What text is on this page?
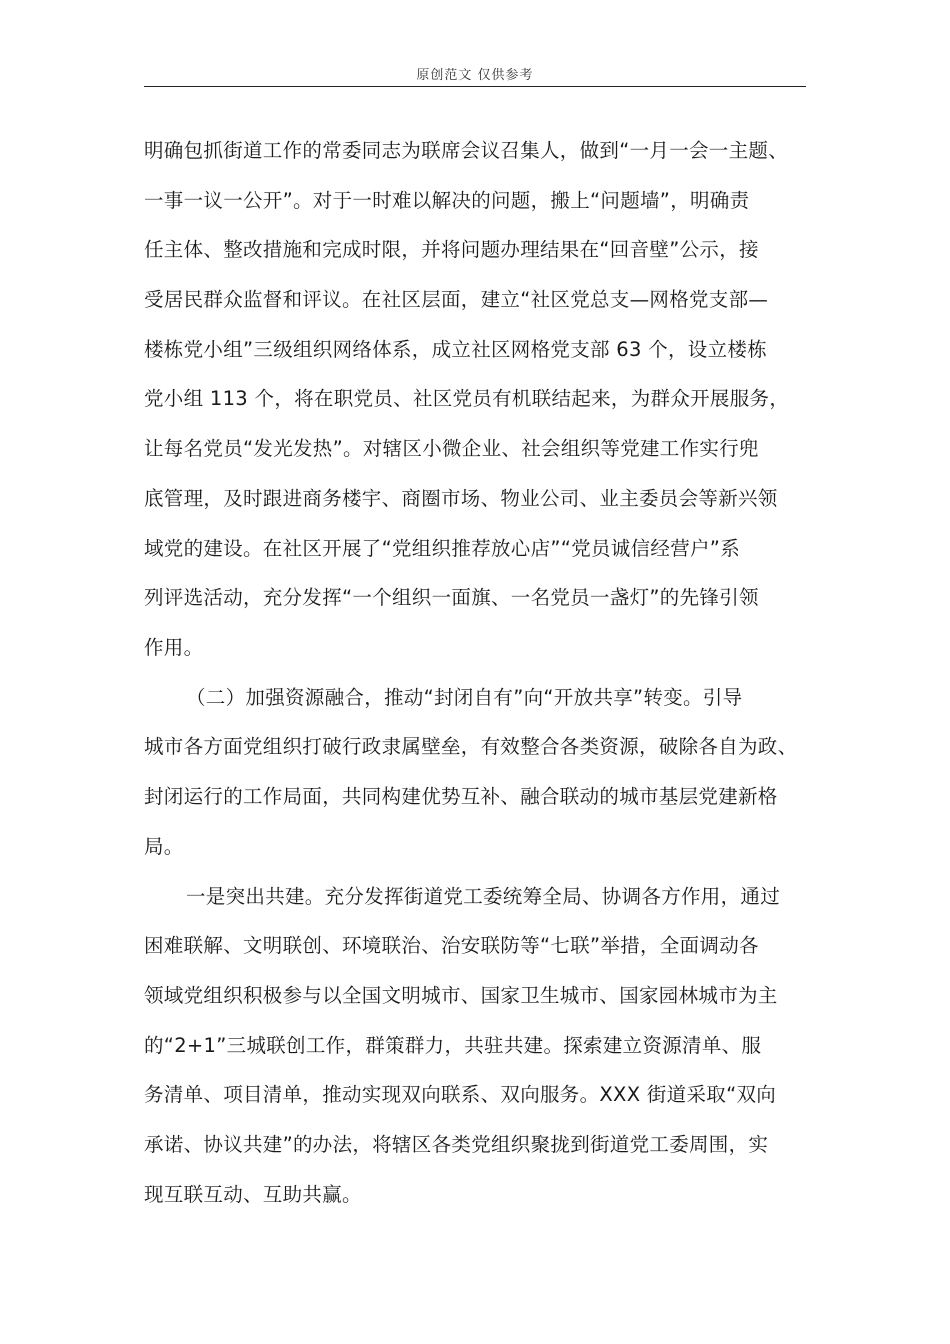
原创范文 仅供参考
明确包抓街道工作的常委同志为联席会议召集人，做到“一月一会一主题、
一事一议一公开”。对于一时难以解决的问题，搬上“问题墙”，明确责
任主体、整改措施和完成时限，并将问题办理结果在“回音壁”公示，接
受居民群众监督和评议。在社区层面，建立“社区党总支—网格党支部—
楼栋党小组”三级组织网络体系，成立社区网格党支部 63 个，设立楼栋
党小组 113 个，将在职党员、社区党员有机联结起来，为群众开展服务，
让每名党员“发光发热”。对辖区小微企业、社会组织等党建工作实行兜
底管理，及时跟进商务楼宇、商圈市场、物业公司、业主委员会等新兴领
域党的建设。在社区开展了“党组织推荐放心店”“党员诚信经营户”系
列评选活动，充分发挥“一个组织一面旗、一名党员一盏灯”的先锋引领
作用。
（二）加强资源融合，推动“封闭自有”向“开放共享”转变。引导
城市各方面党组织打破行政隶属壁垒，有效整合各类资源，破除各自为政、
封闭运行的工作局面，共同构建优势互补、融合联动的城市基层党建新格
局。
一是突出共建。充分发挥街道党工委统筹全局、协调各方作用，通过
困难联解、文明联创、环境联治、治安联防等“七联”举措，全面调动各
领域党组织积极参与以全国文明城市、国家卫生城市、国家园林城市为主
的“2+1”三城联创工作，群策群力，共驻共建。探索建立资源清单、服
务清单、项目清单，推动实现双向联系、双向服务。XXX 街道采取“双向
承诺、协议共建”的办法，将辖区各类党组织聚拢到街道党工委周围，实
现互联互动、互助共赢。
